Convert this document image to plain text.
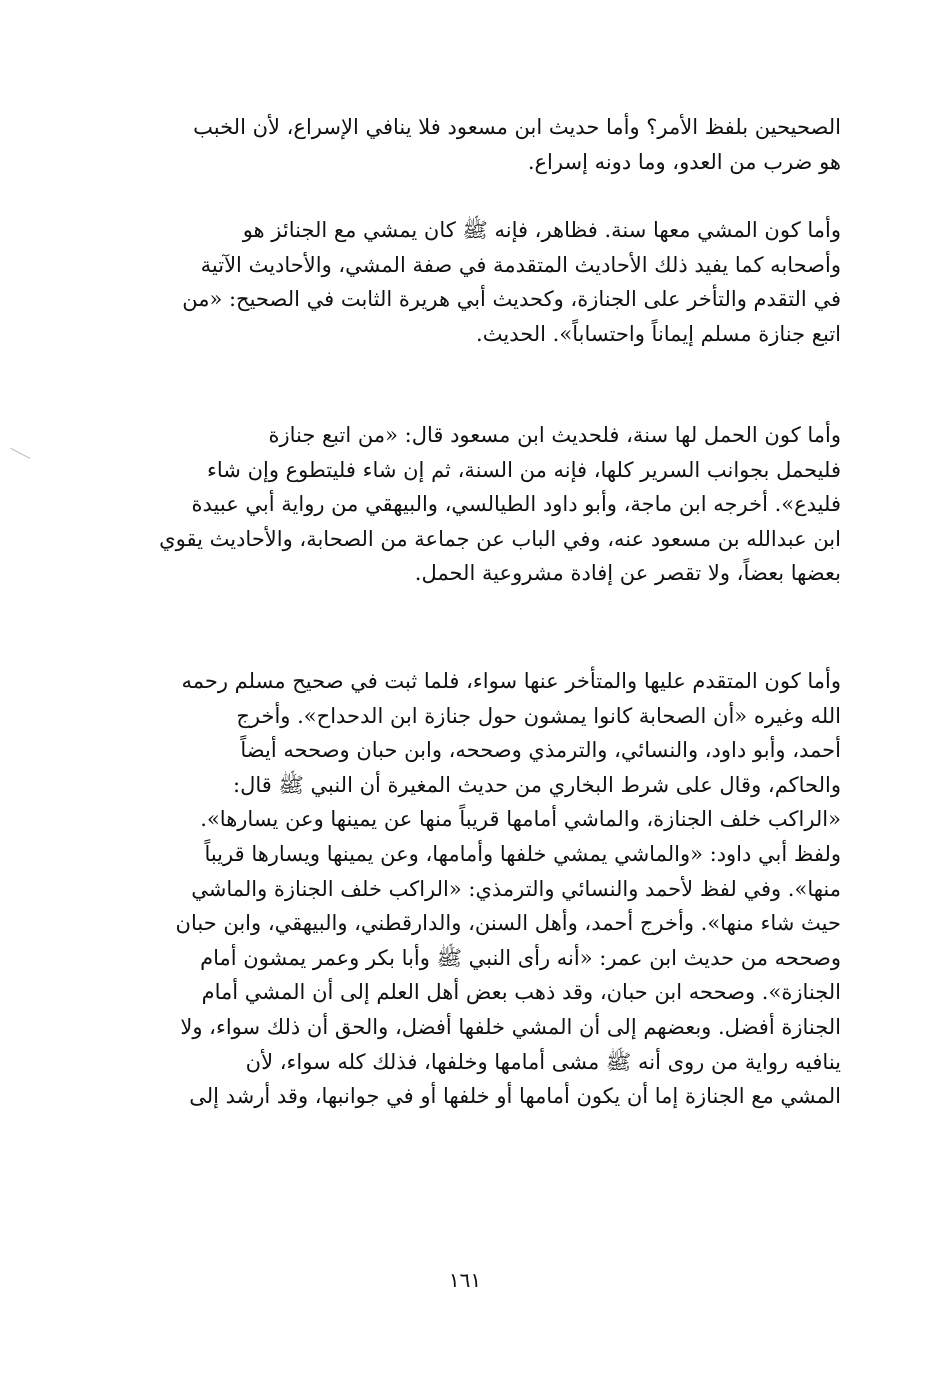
الصحيحين بلفظ الأمر؟ وأما حديث ابن مسعود فلا ينافي الإسراع، لأن الخبب
هو ضرب من العدو، وما دونه إسراع.
وأما كون المشي معها سنة. فظاهر، فإنه ﷺ كان يمشي مع الجنائز هو
وأصحابه كما يفيد ذلك الأحاديث المتقدمة في صفة المشي، والأحاديث الآتية
في التقدم والتأخر على الجنازة، وكحديث أبي هريرة الثابت في الصحيح: «من
اتبع جنازة مسلم إيماناً واحتساباً». الحديث.
وأما كون الحمل لها سنة، فلحديث ابن مسعود قال: «من اتبع جنازة
فليحمل بجوانب السرير كلها، فإنه من السنة، ثم إن شاء فليتطوع وإن شاء
فليدع». أخرجه ابن ماجة، وأبو داود الطيالسي، والبيهقي من رواية أبي عبيدة
ابن عبدالله بن مسعود عنه، وفي الباب عن جماعة من الصحابة، والأحاديث يقوي
بعضها بعضاً، ولا تقصر عن إفادة مشروعية الحمل.
وأما كون المتقدم عليها والمتأخر عنها سواء، فلما ثبت في صحيح مسلم رحمه
الله وغيره «أن الصحابة كانوا يمشون حول جنازة ابن الدحداح». وأخرج
أحمد، وأبو داود، والنسائي، والترمذي وصححه، وابن حبان وصححه أيضاً
والحاكم، وقال على شرط البخاري من حديث المغيرة أن النبي ﷺ قال:
«الراكب خلف الجنازة، والماشي أمامها قريباً منها عن يمينها وعن يسارها».
ولفظ أبي داود: «والماشي يمشي خلفها وأمامها، وعن يمينها ويسارها قريباً
منها». وفي لفظ لأحمد والنسائي والترمذي: «الراكب خلف الجنازة والماشي
حيث شاء منها». وأخرج أحمد، وأهل السنن، والدارقطني، والبيهقي، وابن حبان
وصححه من حديث ابن عمر: «أنه رأى النبي ﷺ وأبا بكر وعمر يمشون أمام
الجنازة». وصححه ابن حبان، وقد ذهب بعض أهل العلم إلى أن المشي أمام
الجنازة أفضل. وبعضهم إلى أن المشي خلفها أفضل، والحق أن ذلك سواء، ولا
ينافيه رواية من روى أنه ﷺ مشى أمامها وخلفها، فذلك كله سواء، لأن
المشي مع الجنازة إما أن يكون أمامها أو خلفها أو في جوانبها، وقد أرشد إلى
١٦١
